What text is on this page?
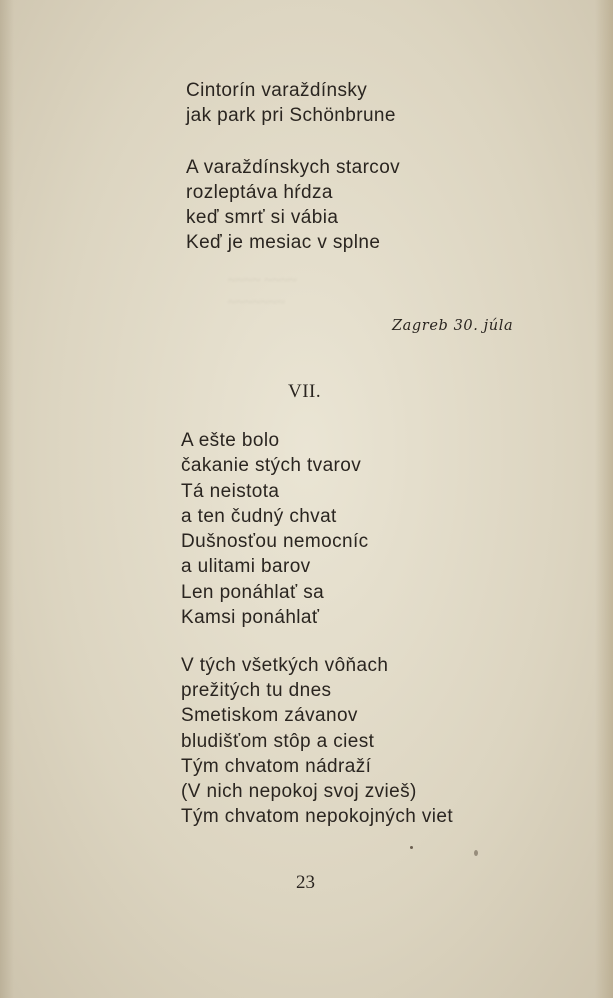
~~~~ ~~~~
~~~~~~~

Cintorín varaždínsky
jak park pri Schönbrune

A varaždínskych starcov
rozleptáva hŕdza
keď smrť si vábia
Keď je mesiac v splne

Zagreb 30. júla
VII.

A ešte bolo
čakanie stých tvarov
Tá neistota
a ten čudný chvat
Dušnosťou nemocníc
a ulitami barov
Len ponáhlať sa
Kamsi ponáhlať

V tých všetkých vôňach
prežitých tu dnes
Smetiskom závanov
bludišťom stôp a ciest
Tým chvatom nádraží
(V nich nepokoj svoj zvieš)
Tým chvatom nepokojných viet

23
